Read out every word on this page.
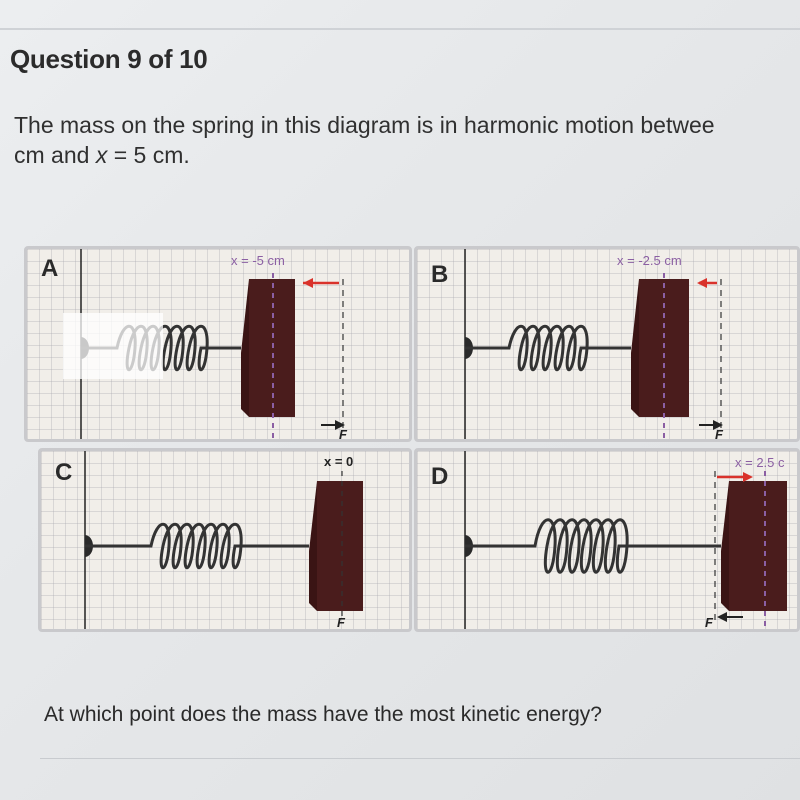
Question 9 of 10
The mass on the spring in this diagram is in harmonic motion betwee
cm and x = 5 cm.
A	x = -5 cm
F
B
x = -2.5 cm
F
C	x = 0
F
D
x = 2.5 c
F
At which point does the mass have the most kinetic energy?
